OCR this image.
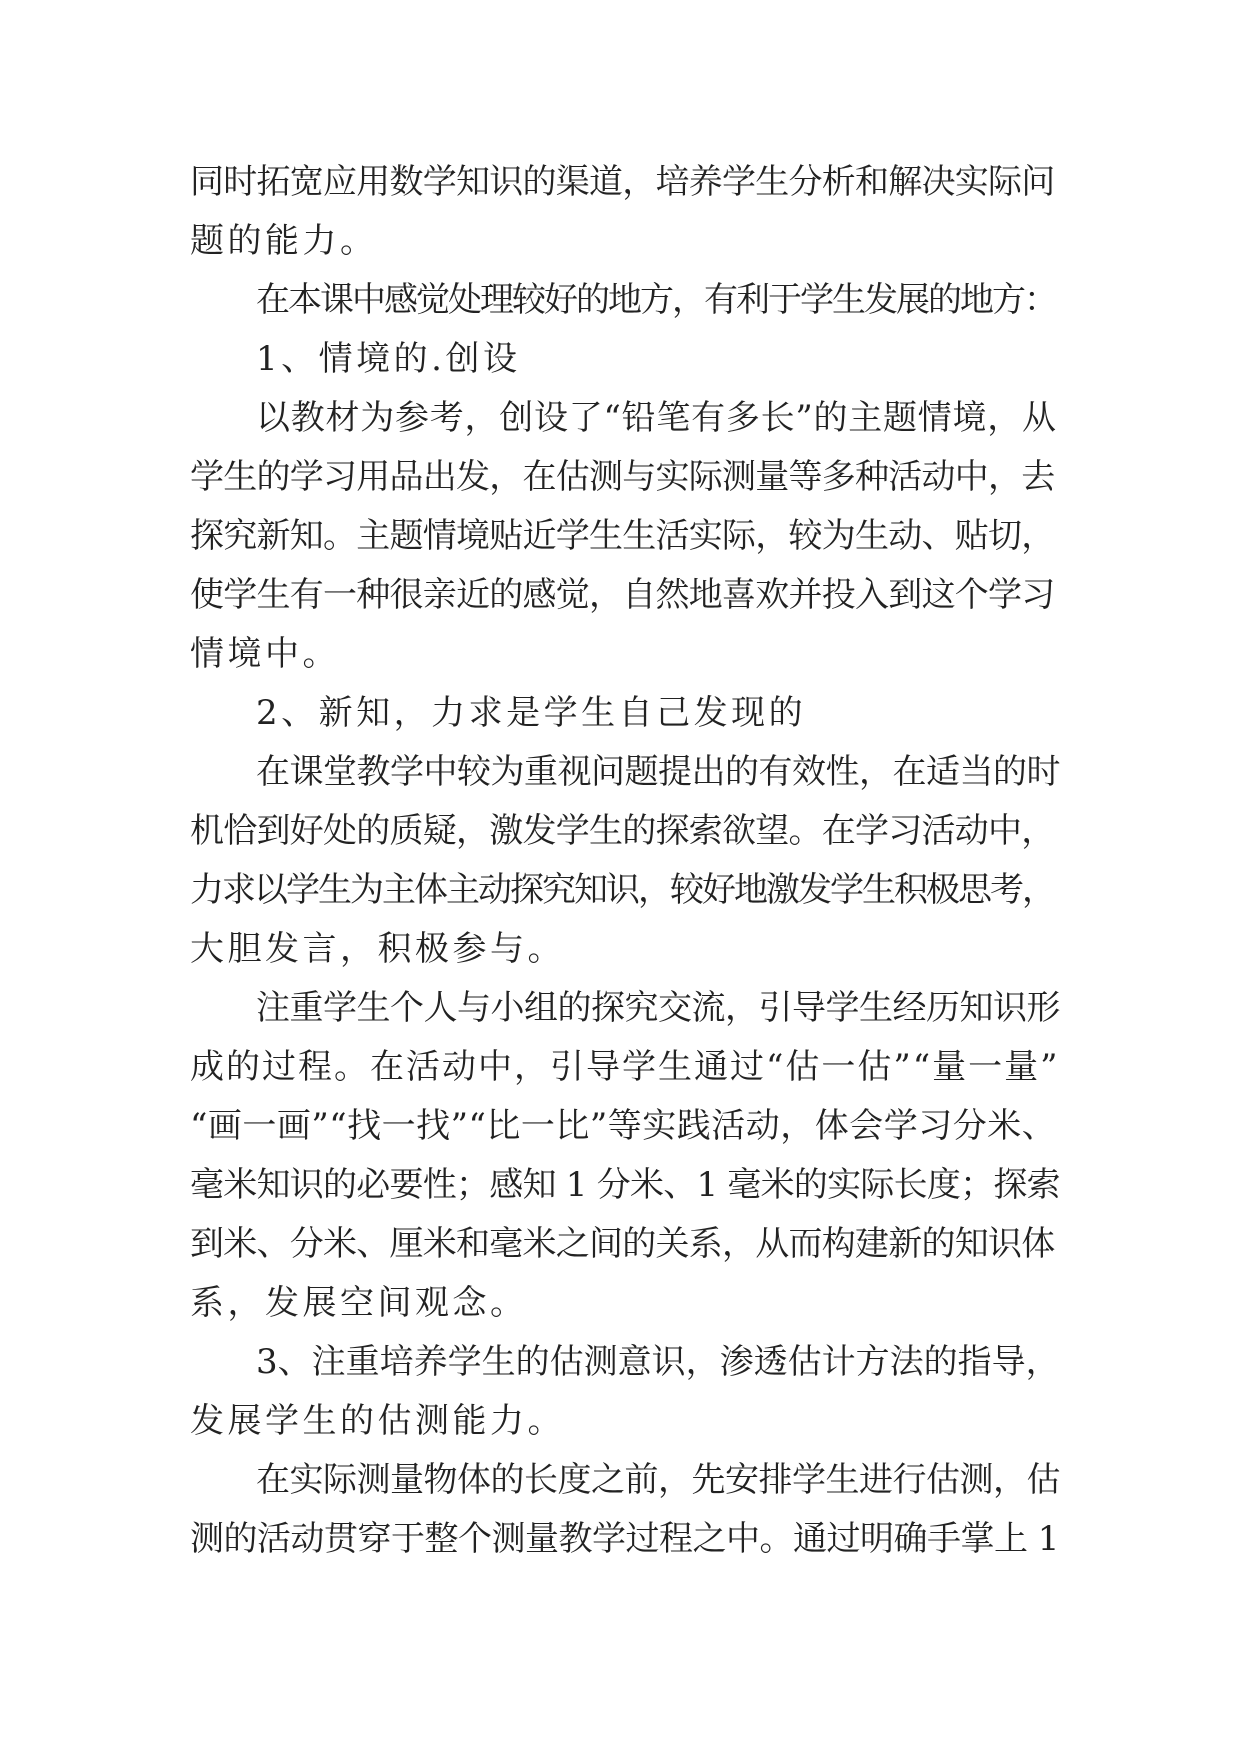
同时拓宽应用数学知识的渠道，培养学生分析和解决实际问
题的能力。
在本课中感觉处理较好的地方，有利于学生发展的地方：
1、情境的.创设
以教材为参考，创设了“铅笔有多长”的主题情境，从
学生的学习用品出发，在估测与实际测量等多种活动中，去
探究新知。主题情境贴近学生生活实际，较为生动、贴切，
使学生有一种很亲近的感觉，自然地喜欢并投入到这个学习
情境中。
2、新知，力求是学生自己发现的
在课堂教学中较为重视问题提出的有效性，在适当的时
机恰到好处的质疑，激发学生的探索欲望。在学习活动中，
力求以学生为主体主动探究知识，较好地激发学生积极思考，
大胆发言，积极参与。
注重学生个人与小组的探究交流，引导学生经历知识形
成的过程。在活动中，引导学生通过“估一估”“量一量”
“画一画”“找一找”“比一比”等实践活动，体会学习分米、
毫米知识的必要性；感知 1 分米、1 毫米的实际长度；探索
到米、分米、厘米和毫米之间的关系，从而构建新的知识体
系，发展空间观念。
3、注重培养学生的估测意识，渗透估计方法的指导，
发展学生的估测能力。
在实际测量物体的长度之前，先安排学生进行估测，估
测的活动贯穿于整个测量教学过程之中。通过明确手掌上 1
